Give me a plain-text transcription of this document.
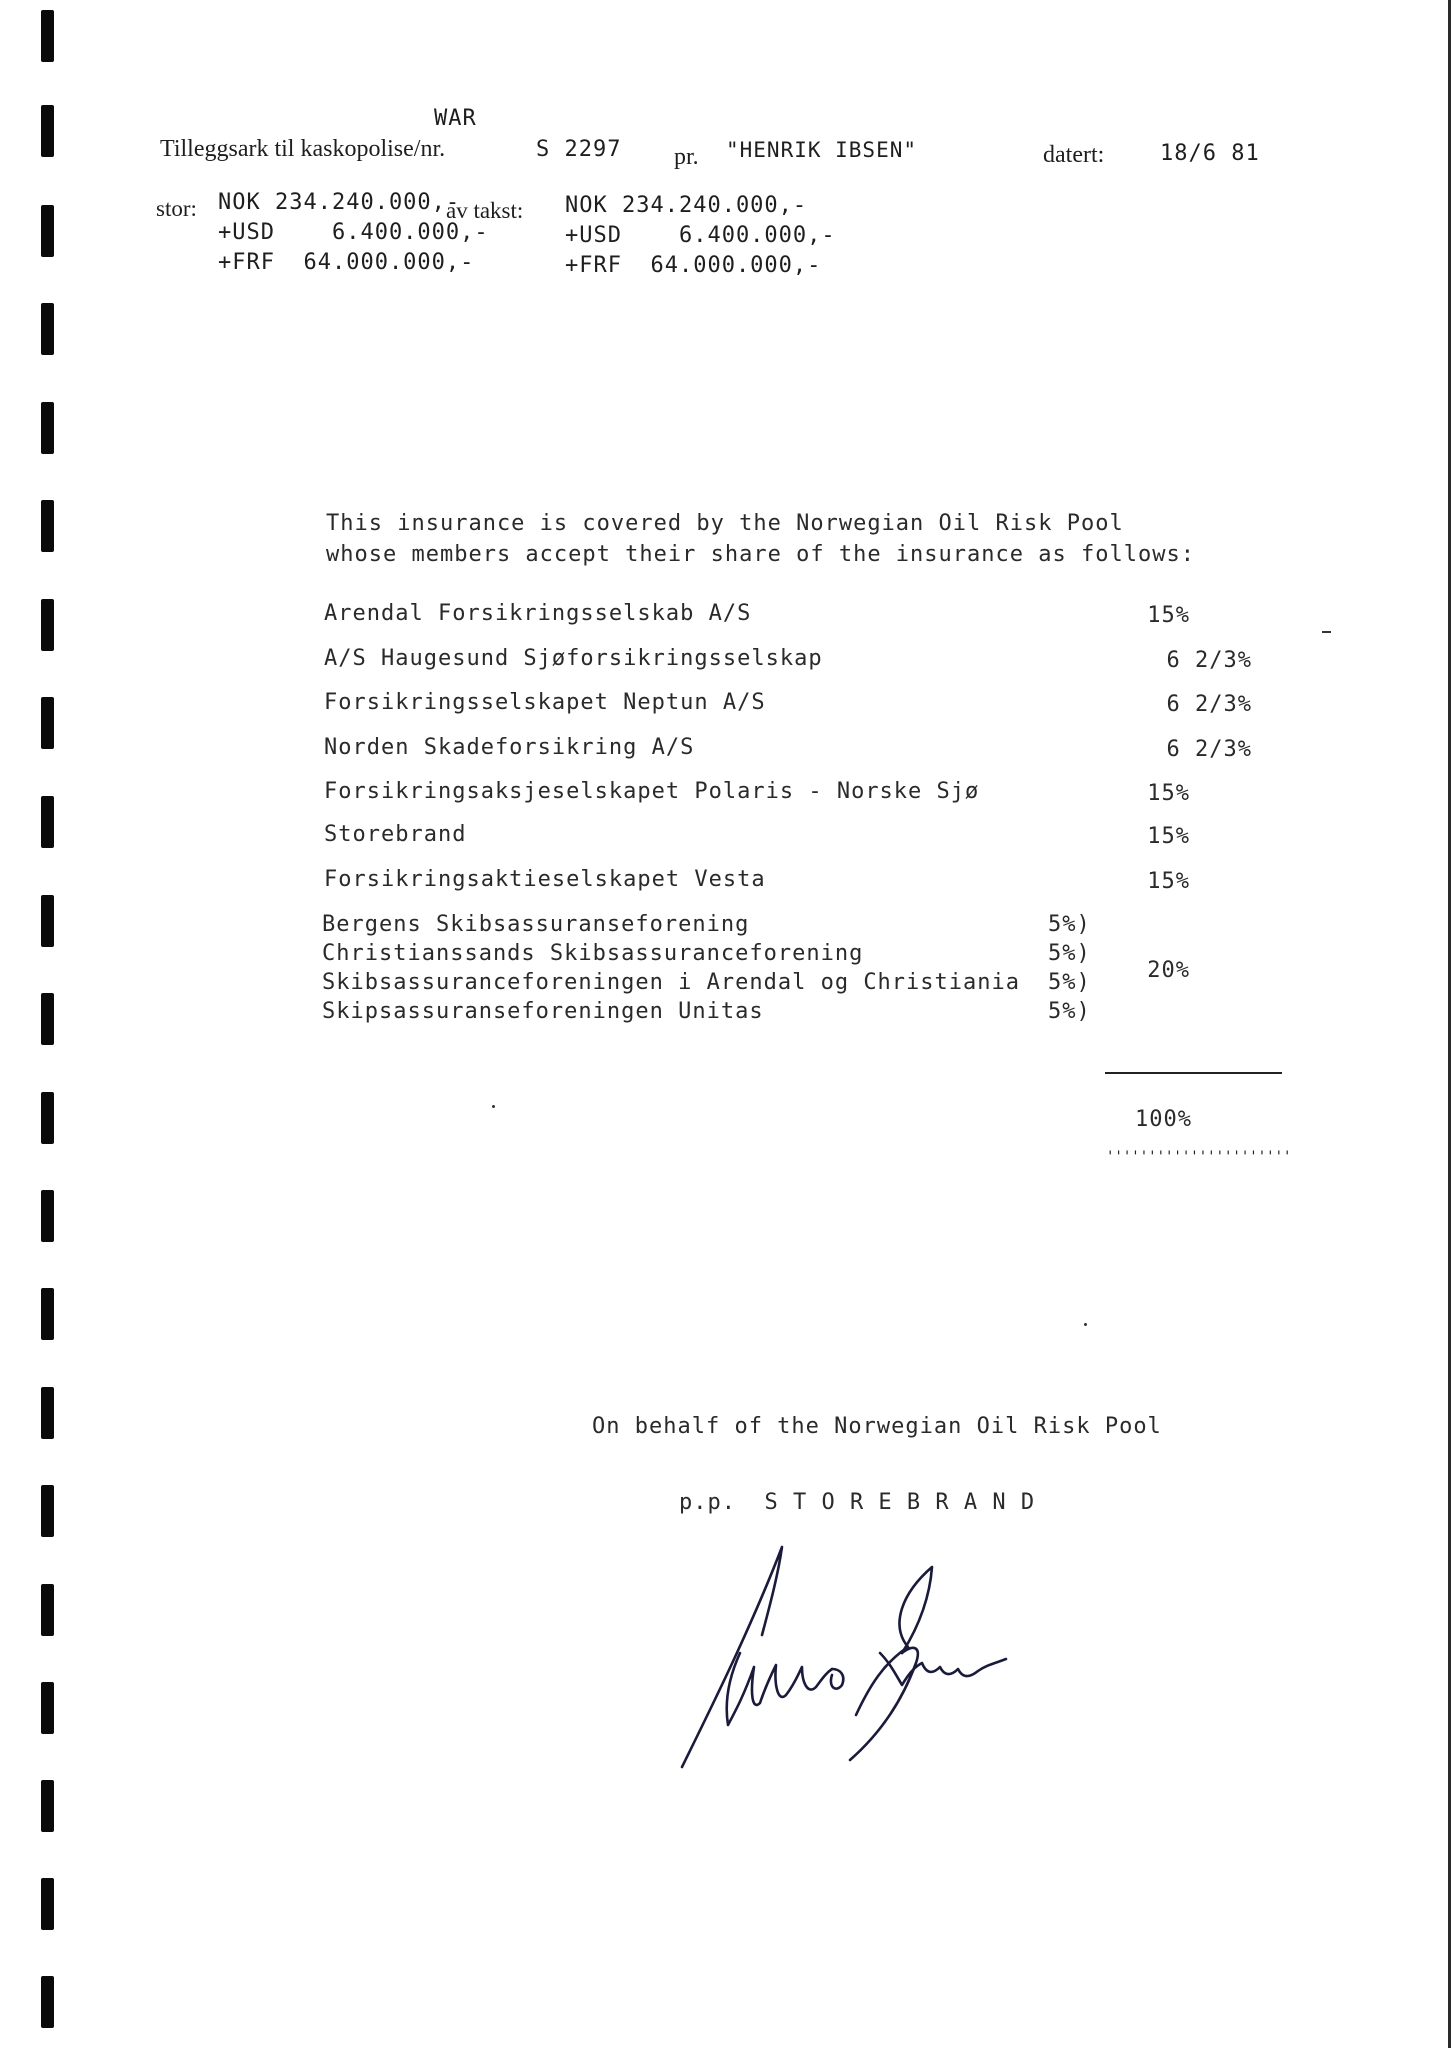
WAR
Tilleggsark til kaskopolise/nr.	S 2297 pr. "HENRIK IBSEN"	datert:	18/6 81
stor: NOK 234.240.000,-
+USD    6.400.000,-
+FRF  64.000.000,-
av takst: NOK 234.240.000,-
+USD    6.400.000,-
+FRF  64.000.000,-
This insurance is covered by the Norwegian Oil Risk Pool
whose members accept their share of the insurance as follows:
Arendal Forsikringsselskab A/S	15%
A/S Haugesund Sjøforsikringsselskap	6 2/3%
Forsikringsselskapet Neptun A/S	6 2/3%
Norden Skadeforsikring A/S	6 2/3%
Forsikringsaksjeselskapet Polaris - Norske Sjø	15%
Storebrand	15%
Forsikringsaktieselskapet Vesta	15%
Bergens Skibsassuranseforening	5%)
Christianssands Skibsassuranceforening	5%)
Skibsassuranceforeningen i Arendal og Christiania 5%)
Skipsassuranseforeningen Unitas	5%)
20%
100%
''''''''''''''''''''''
On behalf of the Norwegian Oil Risk Pool
p.p.  S T O R E B R A N D
